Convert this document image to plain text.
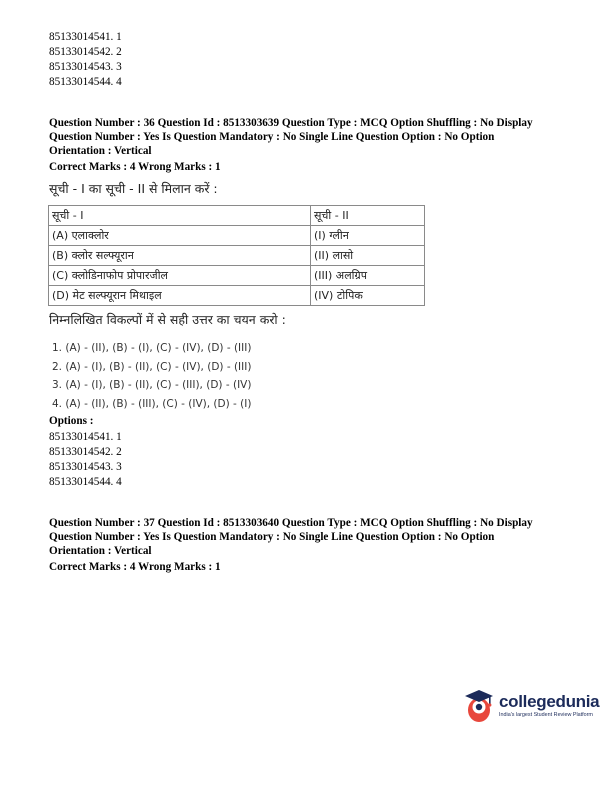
85133014541. 1
85133014542. 2
85133014543. 3
85133014544. 4
Question Number : 36 Question Id : 8513303639 Question Type : MCQ Option Shuffling : No Display
Question Number : Yes Is Question Mandatory : No Single Line Question Option : No Option
Orientation : Vertical
Correct Marks : 4 Wrong Marks : 1
सूची - I का सूची - II से मिलान करें :
सूची - I	सूची - II
(A) एलाक्लोर	(I) ग्लीन
(B) क्लोर सल्फ्यूरान	(II) लासो
(C) क्लोडिनाफोप प्रोपारजील	(III) अलग्रिप
(D) मेट सल्फ्यूरान मिथाइल	(IV) टोपिक
निम्नलिखित विकल्पों में से सही उत्तर का चयन करो :
1. (A) - (II), (B) - (I), (C) - (IV), (D) - (III)
2. (A) - (I), (B) - (II), (C) - (IV), (D) - (III)
3. (A) - (I), (B) - (II), (C) - (III), (D) - (IV)
4. (A) - (II), (B) - (III), (C) - (IV), (D) - (I)
Options :
85133014541. 1
85133014542. 2
85133014543. 3
85133014544. 4
Question Number : 37 Question Id : 8513303640 Question Type : MCQ Option Shuffling : No Display
Question Number : Yes Is Question Mandatory : No Single Line Question Option : No Option
Orientation : Vertical
Correct Marks : 4 Wrong Marks : 1
collegedunia
India's largest Student Review Platform
